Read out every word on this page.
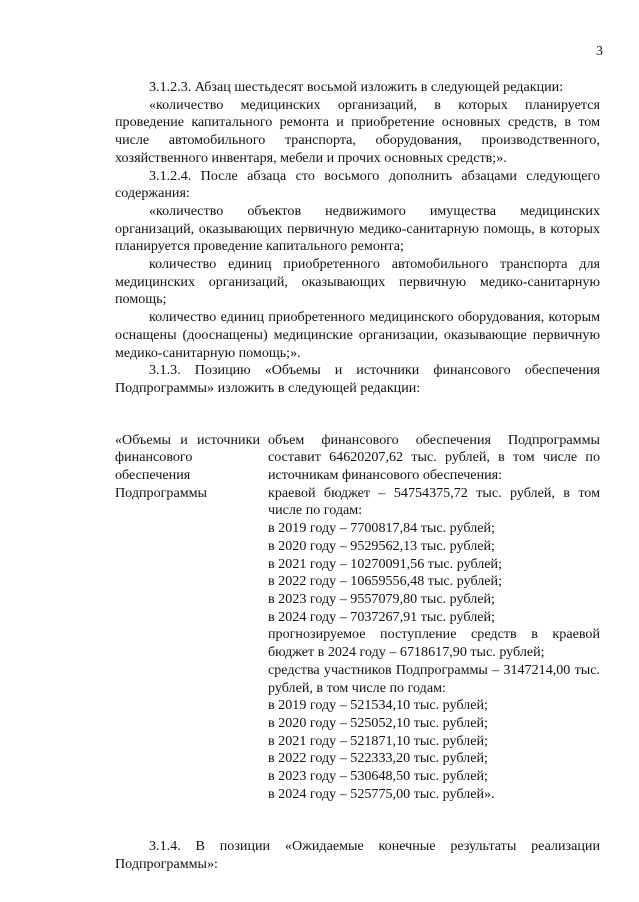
3

3.1.2.3. Абзац шестьдесят восьмой изложить в следующей редакции:

«количество медицинских организаций, в которых планируется проведение капитального ремонта и приобретение основных средств, в том числе автомобильного транспорта, оборудования, производственного, хозяйственного инвентаря, мебели и прочих основных средств;».

3.1.2.4. После абзаца сто восьмого дополнить абзацами следующего содержания:

«количество объектов недвижимого имущества медицинских организаций, оказывающих первичную медико-санитарную помощь, в которых планируется проведение капитального ремонта;

количество единиц приобретенного автомобильного транспорта для медицинских организаций, оказывающих первичную медико-санитарную помощь;

количество единиц приобретенного медицинского оборудования, которым оснащены (дооснащены) медицинские организации, оказывающие первичную медико-санитарную помощь;».

3.1.3. Позицию «Объемы и источники финансового обеспечения Подпрограммы» изложить в следующей редакции:

«Объемы и источники финансового обеспечения Подпрограммы
объем финансового обеспечения Подпрограммы составит 64620207,62 тыс. рублей, в том числе по источникам финансового обеспечения:
краевой бюджет – 54754375,72 тыс. рублей, в том числе по годам:
в 2019 году – 7700817,84 тыс. рублей;
в 2020 году – 9529562,13 тыс. рублей;
в 2021 году – 10270091,56 тыс. рублей;
в 2022 году – 10659556,48 тыс. рублей;
в 2023 году – 9557079,80 тыс. рублей;
в 2024 году – 7037267,91 тыс. рублей;
прогнозируемое поступление средств в краевой бюджет в 2024 году – 6718617,90 тыс. рублей;
средства участников Подпрограммы – 3147214,00 тыс. рублей, в том числе по годам:
в 2019 году – 521534,10 тыс. рублей;
в 2020 году – 525052,10 тыс. рублей;
в 2021 году – 521871,10 тыс. рублей;
в 2022 году – 522333,20 тыс. рублей;
в 2023 году – 530648,50 тыс. рублей;
в 2024 году – 525775,00 тыс. рублей».

3.1.4. В позиции «Ожидаемые конечные результаты реализации Подпрограммы»:
